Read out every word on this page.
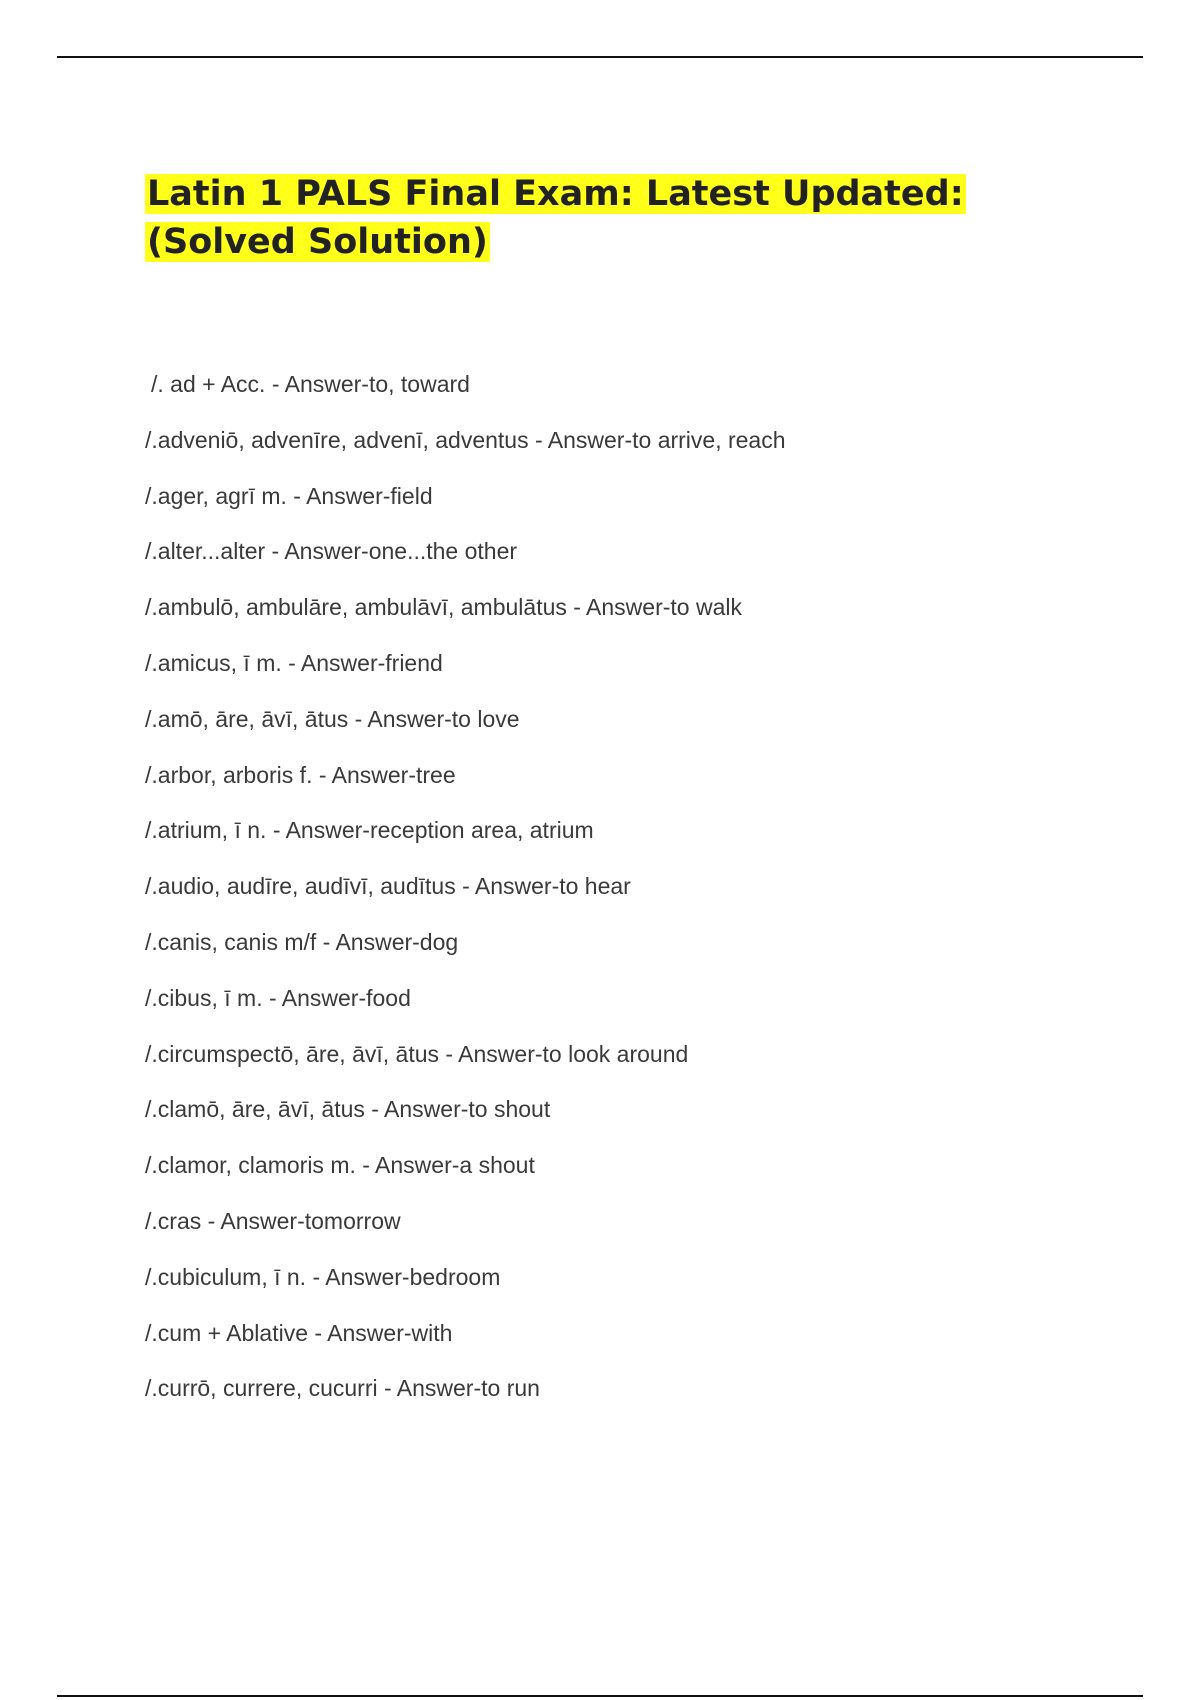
Latin 1 PALS Final Exam: Latest Updated: (Solved Solution)
/. ad + Acc. - Answer-to, toward
/.adveniō, advenīre, advenī, adventus - Answer-to arrive, reach
/.ager, agrī m. - Answer-field
/.alter...alter - Answer-one...the other
/.ambulō, ambulāre, ambulāvī, ambulātus - Answer-to walk
/.amicus, ī m. - Answer-friend
/.amō, āre, āvī, ātus - Answer-to love
/.arbor, arboris f. - Answer-tree
/.atrium, ī n. - Answer-reception area, atrium
/.audio, audīre, audīvī, audītus - Answer-to hear
/.canis, canis m/f - Answer-dog
/.cibus, ī m. - Answer-food
/.circumspectō, āre, āvī, ātus - Answer-to look around
/.clamō, āre, āvī, ātus - Answer-to shout
/.clamor, clamoris m. - Answer-a shout
/.cras - Answer-tomorrow
/.cubiculum, ī n. - Answer-bedroom
/.cum + Ablative - Answer-with
/.currō, currere, cucurri - Answer-to run
